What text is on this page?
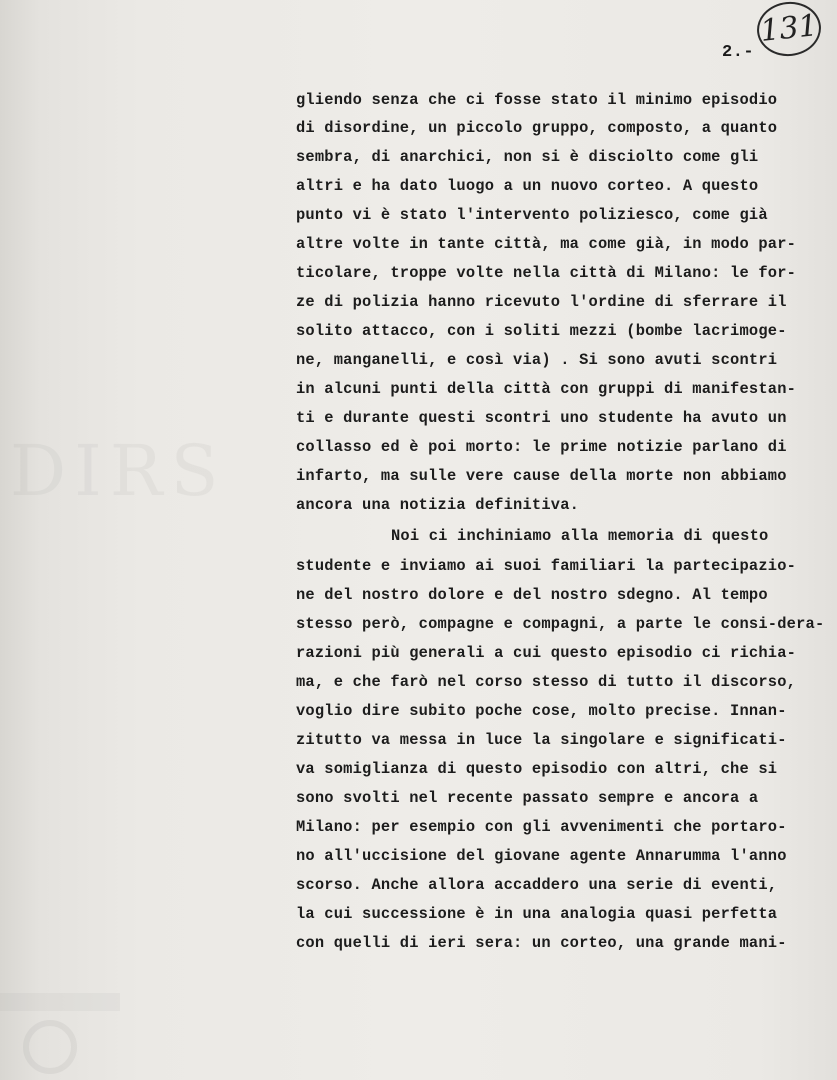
DIRS
131
2.-
gliendo senza che ci fosse stato il minimo episodio
di disordine, un piccolo gruppo, composto, a quanto
sembra, di anarchici, non si è disciolto come gli
altri e ha dato luogo a un nuovo corteo. A questo
punto vi è stato l'intervento poliziesco, come già
altre volte in tante città, ma come già, in modo par-
ticolare, troppe volte nella città di Milano: le for-
ze di polizia hanno ricevuto l'ordine di sferrare il
solito attacco, con i soliti mezzi (bombe lacrimoge-
ne, manganelli, e così via) . Si sono avuti scontri
in alcuni punti della città con gruppi di manifestan-
ti e durante questi scontri uno studente ha avuto un
collasso ed è poi morto: le prime notizie parlano di
infarto, ma sulle vere cause della morte non abbiamo
ancora una notizia definitiva.
Noi ci inchiniamo alla memoria di questo
studente e inviamo ai suoi familiari la partecipazio-
ne del nostro dolore e del nostro sdegno. Al tempo
stesso però, compagne e compagni, a parte le consi-dera-
razioni più generali a cui questo episodio ci richia-
ma, e che farò nel corso stesso di tutto il discorso,
voglio dire subito poche cose, molto precise. Innan-
zitutto va messa in luce la singolare e significati-
va somiglianza di questo episodio con altri, che si
sono svolti nel recente passato sempre e ancora a
Milano: per esempio con gli avvenimenti che portaro-
no all'uccisione del giovane agente Annarumma l'anno
scorso. Anche allora accaddero una serie di eventi,
la cui successione è in una analogia quasi perfetta
con quelli di ieri sera: un corteo, una grande mani-
